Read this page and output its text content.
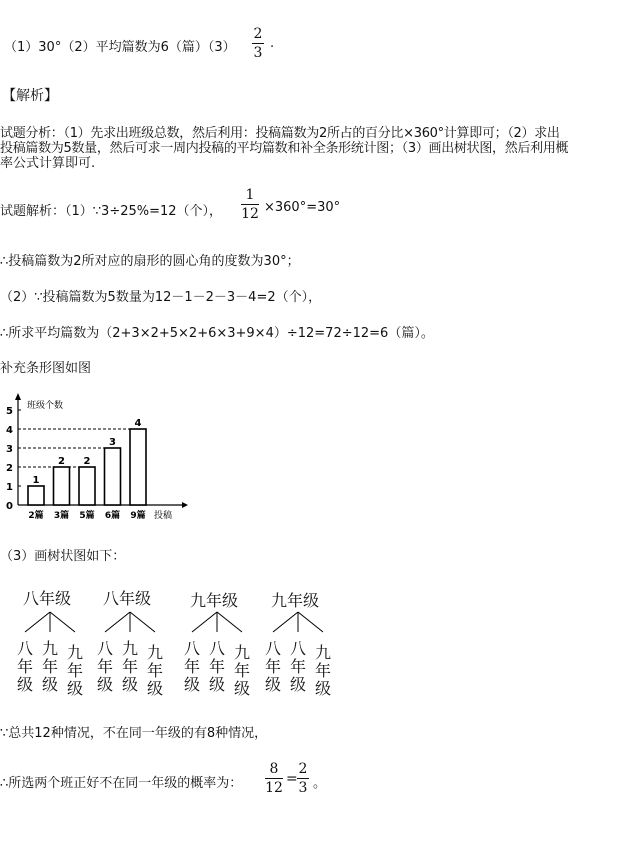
（1）30°（2）平均篇数为6（篇）（3）
2
3
.
【解析】
试题分析：（1）先求出班级总数，然后利用：投稿篇数为2所占的百分比×360°计算即可；（2）求出
投稿篇数为5数量，然后可求一周内投稿的平均篇数和补全条形统计图；（3）画出树状图，然后利用概
率公式计算即可.
试题解析：（1）∵3÷25%=12（个），
1
12 ×360°=30°
∴投稿篇数为2所对应的扇形的圆心角的度数为30°；
（2）∵投稿篇数为5数量为12－1－2－3－4=2（个），
∴所求平均篇数为（2+3×2+5×2+6×3+9×4）÷12=72÷12=6（篇）。
补充条形图如图
0
1
2
3
4
5 班级个数
1
2篇
2
3篇
2
5篇
3
6篇
4
9篇 投稿
（3）画树状图如下：
八年级
八
年
级
九
年
级
九
年
级
八年级
八
年
级
九
年
级
九
年
级
九年级
八
年
级
八
年
级
九
年
级
九年级
八
年
级
八
年
级
九
年
级
∵总共12种情况，不在同一年级的有8种情况，
∴所选两个班正好不在同一年级的概率为：
8
12
=
2
3 。
